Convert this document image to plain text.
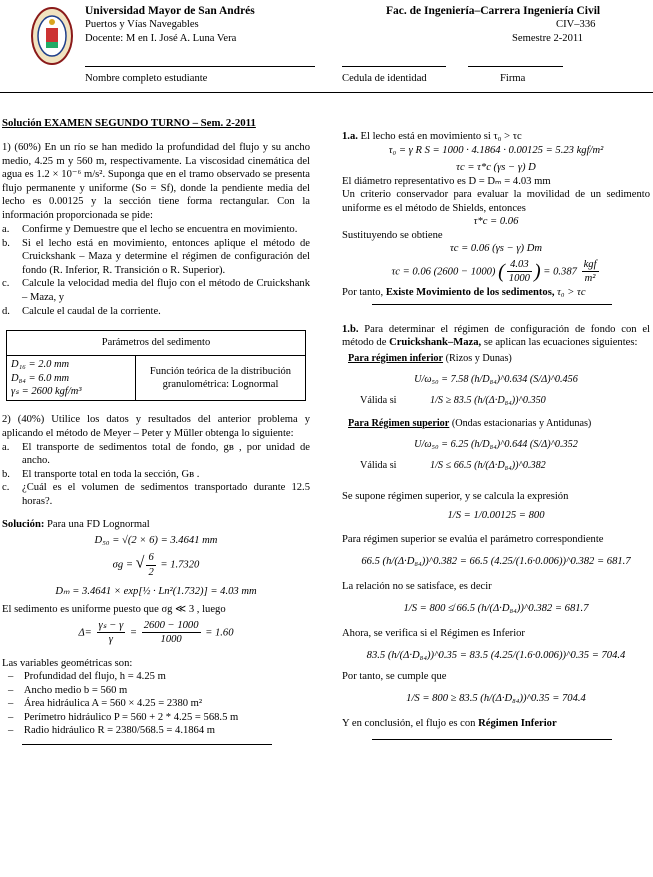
Universidad Mayor de San Andrés
Puertos y Vías Navegables
Docente: M en I. José A. Luna Vera
Fac. de Ingeniería–Carrera Ingeniería Civil
CIV–336
Semestre 2-2011
Nombre completo estudiante	Cedula de identidad	Firma
Solución EXAMEN SEGUNDO TURNO – Sem. 2-2011
1) (60%) En un río se han medido la profundidad del flujo y su ancho medio, 4.25 m y 560 m, respectivamente. La viscosidad cinemática del agua es 1.2 × 10⁻⁶ m/s². Suponga que en el tramo observado se presenta flujo permanente y uniforme (So = Sf), donde la pendiente media del lecho es 0.00125 y la sección tiene forma rectangular. Con la información proporcionada se pide:
a.	Confirme y Demuestre que el lecho se encuentra en movimiento.
b.	Si el lecho está en movimiento, entonces aplique el método de Cruickshank – Maza y determine el régimen de configuración del fondo (R. Inferior, R. Transición o R. Superior).
c.	Calcule la velocidad media del flujo con el método de Cruickshank – Maza, y
d.	Calcule el caudal de la corriente.
Parámetros del sedimento

D₁₆ = 2.0 mm
D₈₄ = 6.0 mm
γₛ = 2600 kgf/m³
	Función teórica de la distribución granulométrica: Lognormal
2) (40%) Utilice los datos y resultados del anterior problema y aplicando el método de Meyer – Peter y Müller obtenga lo siguiente:
a.	El transporte de sedimentos total de fondo, gʙ , por unidad de ancho.
b.	El transporte total en toda la sección, Gʙ .
c.	¿Cuál es el volumen de sedimentos transportado durante 12.5 horas?.
Solución: Para una FD Lognormal
D₅₀ = √(2 × 6) = 3.4641 mm
σg = √ $\frac{6}{2} = 1.7320$
Dₘ = 3.4641 × exp[½ · Ln²(1.732)] = 4.03 mm
El sedimento es uniforme puesto que σg ≪ 3 , luego
$\Delta= \frac{\text{γₛ − γ}}{\gamma} = \frac{2600 - 1000}{1000} = 1.60$
Las variables geométricas son:
–    Profundidad del flujo, h = 4.25 m
–    Ancho medio b = 560 m
–    Área hidráulica A = 560 × 4.25 = 2380 m²
–    Perímetro hidráulico P = 560 + 2 * 4.25 = 568.5 m
–    Radio hidráulico R = 2380/568.5 = 4.1864 m
1.a. El lecho está en movimiento si τ₀ > τc
τ₀ = γ R S = 1000 · 4.1864 · 0.00125 = 5.23 kgf/m²
τc = τ*c (γs − γ) D
El diámetro representativo es D = Dₘ = 4.03 mm
Un criterio conservador para evaluar la movilidad de un sedimento uniforme es el método de Shields, entonces
τ*c = 0.06
Sustituyendo se obtiene
τc = 0.06 (γs − γ) Dm
τc = 0.06 (2600 − 1000) ( $\frac{4.03}{1000}$ ) = $0.387 \frac{\text{kgf}}{\text{m²}}$
Por tanto, Existe Movimiento de los sedimentos, τ₀ > τc
1.b. Para determinar el régimen de configuración de fondo con el método de Cruickshank–Maza, se aplican las ecuaciones siguientes:
Para régimen inferior (Rizos y Dunas)
U/ω₅₀ = 7.58 (h/D₈₄)^0.634 (S/Δ)^0.456
Válida si	1/S ≥ 83.5 (h/(Δ·D₈₄))^0.350
Para Régimen superior (Ondas estacionarias y Antidunas)
U/ω₅₀ = 6.25 (h/D₈₄)^0.644 (S/Δ)^0.352
Válida si	1/S ≤ 66.5 (h/(Δ·D₈₄))^0.382
Se supone régimen superior, y se calcula la expresión
1/S = 1/0.00125 = 800
Para régimen superior se evalúa el parámetro correspondiente
66.5 (h/(Δ·D₈₄))^0.382 = 66.5 (4.25/(1.6·0.006))^0.382 = 681.7
La relación no se satisface, es decir
1/S = 800 ≰ 66.5 (h/(Δ·D₈₄))^0.382 = 681.7
Ahora, se verifica si el Régimen es Inferior
83.5 (h/(Δ·D₈₄))^0.35 = 83.5 (4.25/(1.6·0.006))^0.35 = 704.4
Por tanto, se cumple que
1/S = 800 ≥ 83.5 (h/(Δ·D₈₄))^0.35 = 704.4
Y en conclusión, el flujo es con Régimen Inferior
